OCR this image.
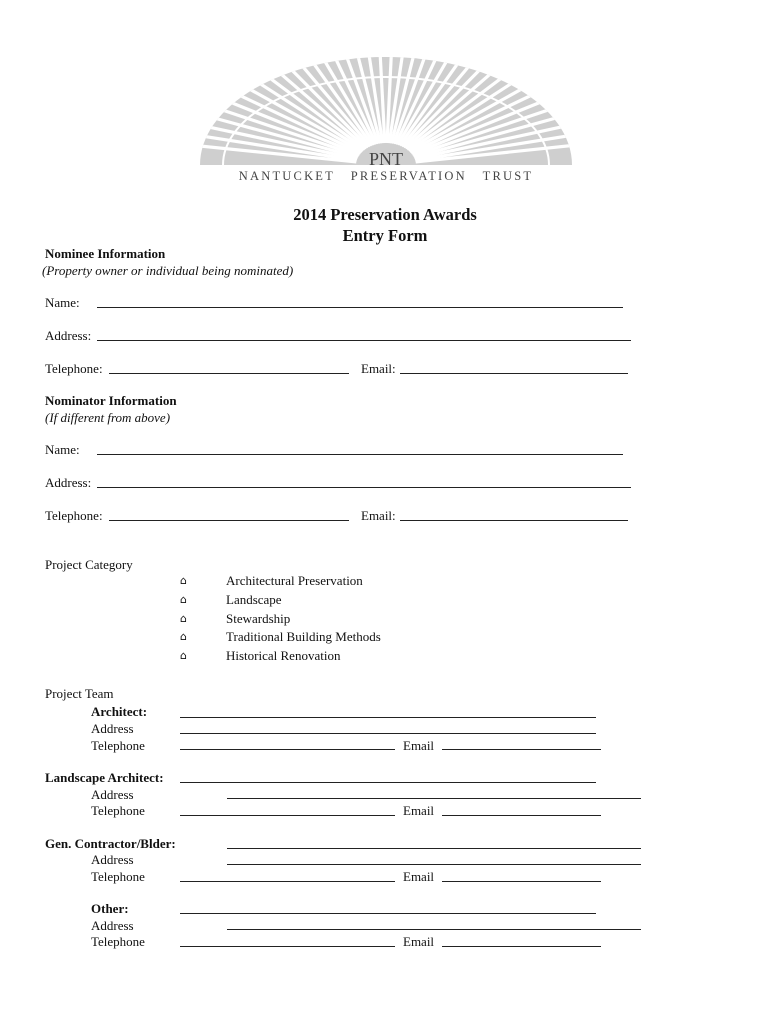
PNT
NANTUCKET   PRESERVATION   TRUST
2014 Preservation Awards
Entry Form
Nominee Information
(Property owner or individual being nominated)
Name:
Address:
Telephone:	Email:
Nominator Information
(If different from above)
Name:
Address:
Telephone:	Email:
Project Category
⌂	Architectural Preservation
⌂	Landscape
⌂	Stewardship
⌂	Traditional Building Methods
⌂	Historical Renovation
Project Team
Architect:
Address
Telephone	Email
Landscape Architect:
Address
Telephone	Email
Gen. Contractor/Blder:
Address
Telephone	Email
Other:
Address
Telephone	Email
